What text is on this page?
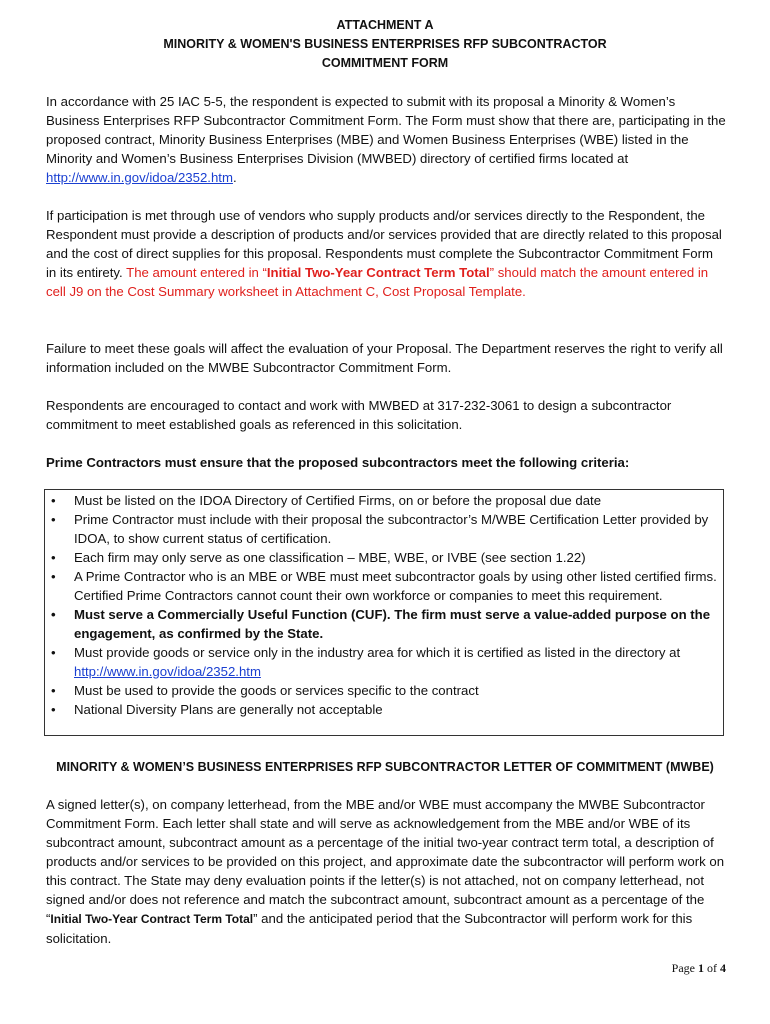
ATTACHMENT A
MINORITY & WOMEN'S BUSINESS ENTERPRISES RFP SUBCONTRACTOR
COMMITMENT FORM
In accordance with 25 IAC 5-5, the respondent is expected to submit with its proposal a Minority & Women’s Business Enterprises RFP Subcontractor Commitment Form. The Form must show that there are, participating in the proposed contract, Minority Business Enterprises (MBE) and Women Business Enterprises (WBE) listed in the Minority and Women’s Business Enterprises Division (MWBED) directory of certified firms located at http://www.in.gov/idoa/2352.htm.
If participation is met through use of vendors who supply products and/or services directly to the Respondent, the Respondent must provide a description of products and/or services provided that are directly related to this proposal and the cost of direct supplies for this proposal. Respondents must complete the Subcontractor Commitment Form in its entirety. The amount entered in “Initial Two-Year Contract Term Total” should match the amount entered in cell J9 on the Cost Summary worksheet in Attachment C, Cost Proposal Template.
Failure to meet these goals will affect the evaluation of your Proposal. The Department reserves the right to verify all information included on the MWBE Subcontractor Commitment Form.
Respondents are encouraged to contact and work with MWBED at 317-232-3061 to design a subcontractor commitment to meet established goals as referenced in this solicitation.
Prime Contractors must ensure that the proposed subcontractors meet the following criteria:
• Must be listed on the IDOA Directory of Certified Firms, on or before the proposal due date
• Prime Contractor must include with their proposal the subcontractor’s M/WBE Certification Letter provided by IDOA, to show current status of certification.
• Each firm may only serve as one classification – MBE, WBE, or IVBE (see section 1.22)
• A Prime Contractor who is an MBE or WBE must meet subcontractor goals by using other listed certified firms. Certified Prime Contractors cannot count their own workforce or companies to meet this requirement.
• Must serve a Commercially Useful Function (CUF). The firm must serve a value-added purpose on the engagement, as confirmed by the State.
• Must provide goods or service only in the industry area for which it is certified as listed in the directory at http://www.in.gov/idoa/2352.htm
• Must be used to provide the goods or services specific to the contract
• National Diversity Plans are generally not acceptable
MINORITY & WOMEN’S BUSINESS ENTERPRISES RFP SUBCONTRACTOR LETTER OF COMMITMENT (MWBE)
A signed letter(s), on company letterhead, from the MBE and/or WBE must accompany the MWBE Subcontractor Commitment Form. Each letter shall state and will serve as acknowledgement from the MBE and/or WBE of its subcontract amount, subcontract amount as a percentage of the initial two-year contract term total, a description of products and/or services to be provided on this project, and approximate date the subcontractor will perform work on this contract. The State may deny evaluation points if the letter(s) is not attached, not on company letterhead, not signed and/or does not reference and match the subcontract amount, subcontract amount as a percentage of the “Initial Two-Year Contract Term Total” and the anticipated period that the Subcontractor will perform work for this solicitation.
Page 1 of 4
